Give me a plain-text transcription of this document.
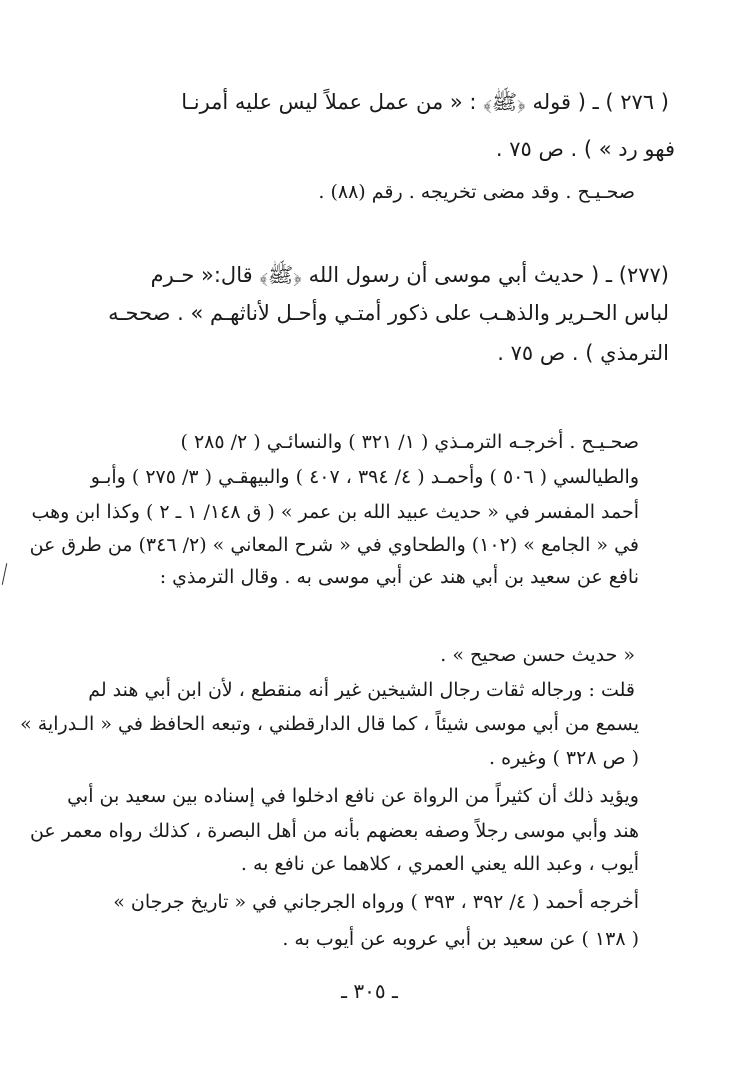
( ٢٧٦ ) ـ ( قوله ﴿ﷺ﴾ : « من عمل عملاً ليس عليه أمرنـا
فهو رد » ) . ص ٧٥ .
صحـيـح . وقد مضى تخريجه . رقم (٨٨) .
(٢٧٧) ـ ( حديث أبي موسى أن رسول الله ﴿ﷺ﴾ قال:« حـرم
لباس الحـرير والذهـب على ذكور أمتـي وأحـل لأناثهـم » . صححـه
الترمذي ) . ص ٧٥ .
صحـيـح . أخرجـه الترمـذي ( ١/ ٣٢١ ) والنسائـي ( ٢/ ٢٨٥ )
والطيالسي ( ٥٠٦ ) وأحمـد ( ٤/ ٣٩٤ ، ٤٠٧ ) والبيهقـي ( ٣/ ٢٧٥ ) وأبـو
أحمد المفسر في « حديث عبيد الله بن عمر » ( ق ١٤٨/ ١ ـ ٢ ) وكذا ابن وهب
في « الجامع » (١٠٢) والطحاوي في « شرح المعاني » (٢/ ٣٤٦) من طرق عن
نافع عن سعيد بن أبي هند عن أبي موسى به . وقال الترمذي :
« حديث حسن صحيح » .
قلت : ورجاله ثقات رجال الشيخين غير أنه منقطع ، لأن ابن أبي هند لم
يسمع من أبي موسى شيئاً ، كما قال الدارقطني ، وتبعه الحافظ في « الـدراية »
( ص ٣٢٨ ) وغيره .
ويؤيد ذلك أن كثيراً من الرواة عن نافع ادخلوا في إسناده بين سعيد بن أبي
هند وأبي موسى رجلاً وصفه بعضهم بأنه من أهل البصرة ، كذلك رواه معمر عن
أيوب ، وعبد الله يعني العمري ، كلاهما عن نافع به .
أخرجه أحمد ( ٤/ ٣٩٢ ، ٣٩٣ ) ورواه الجرجاني في « تاريخ جرجان »
( ١٣٨ ) عن سعيد بن أبي عروبه عن أيوب به .
ـ ٣٠٥ ـ
